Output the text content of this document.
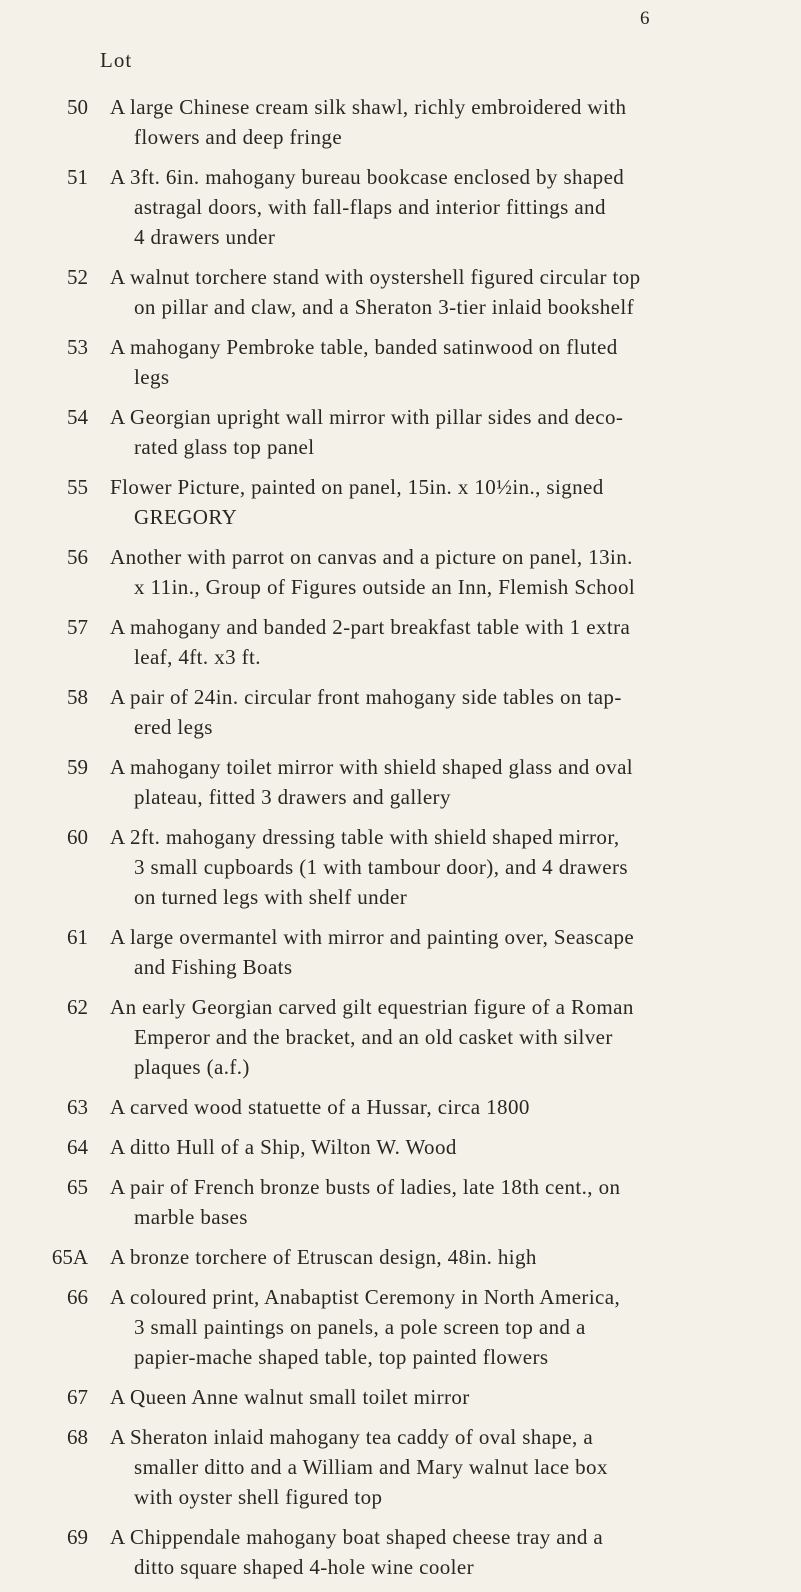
6
Lot
50	A large Chinese cream silk shawl, richly embroidered with

flowers and deep fringe
51	A 3ft. 6in. mahogany bureau bookcase enclosed by shaped

astragal doors, with fall-flaps and interior fittings and
4 drawers under
52	A walnut torchere stand with oystershell figured circular top

on pillar and claw, and a Sheraton 3-tier inlaid bookshelf
53	A mahogany Pembroke table, banded satinwood on fluted

legs
54	A Georgian upright wall mirror with pillar sides and deco-

rated glass top panel
55	Flower Picture, painted on panel, 15in. x 10½in., signed

GREGORY
56	Another with parrot on canvas and a picture on panel, 13in.

x 11in., Group of Figures outside an Inn, Flemish School
57	A mahogany and banded 2-part breakfast table with 1 extra

leaf, 4ft. x3 ft.
58	A pair of 24in. circular front mahogany side tables on tap-

ered legs
59	A mahogany toilet mirror with shield shaped glass and oval

plateau, fitted 3 drawers and gallery
60	A 2ft. mahogany dressing table with shield shaped mirror,

3 small cupboards (1 with tambour door), and 4 drawers
on turned legs with shelf under
61	A large overmantel with mirror and painting over, Seascape

and Fishing Boats
62	An early Georgian carved gilt equestrian figure of a Roman

Emperor and the bracket, and an old casket with silver
plaques (a.f.)
63	A carved wood statuette of a Hussar, circa 1800

64	A ditto Hull of a Ship, Wilton W. Wood

65	A pair of French bronze busts of ladies, late 18th cent., on

marble bases
65A	A bronze torchere of Etruscan design, 48in. high

66	A coloured print, Anabaptist Ceremony in North America,

3 small paintings on panels, a pole screen top and a
papier-mache shaped table, top painted flowers
67	A Queen Anne walnut small toilet mirror

68	A Sheraton inlaid mahogany tea caddy of oval shape, a

smaller ditto and a William and Mary walnut lace box
with oyster shell figured top
69	A Chippendale mahogany boat shaped cheese tray and a

ditto square shaped 4-hole wine cooler
